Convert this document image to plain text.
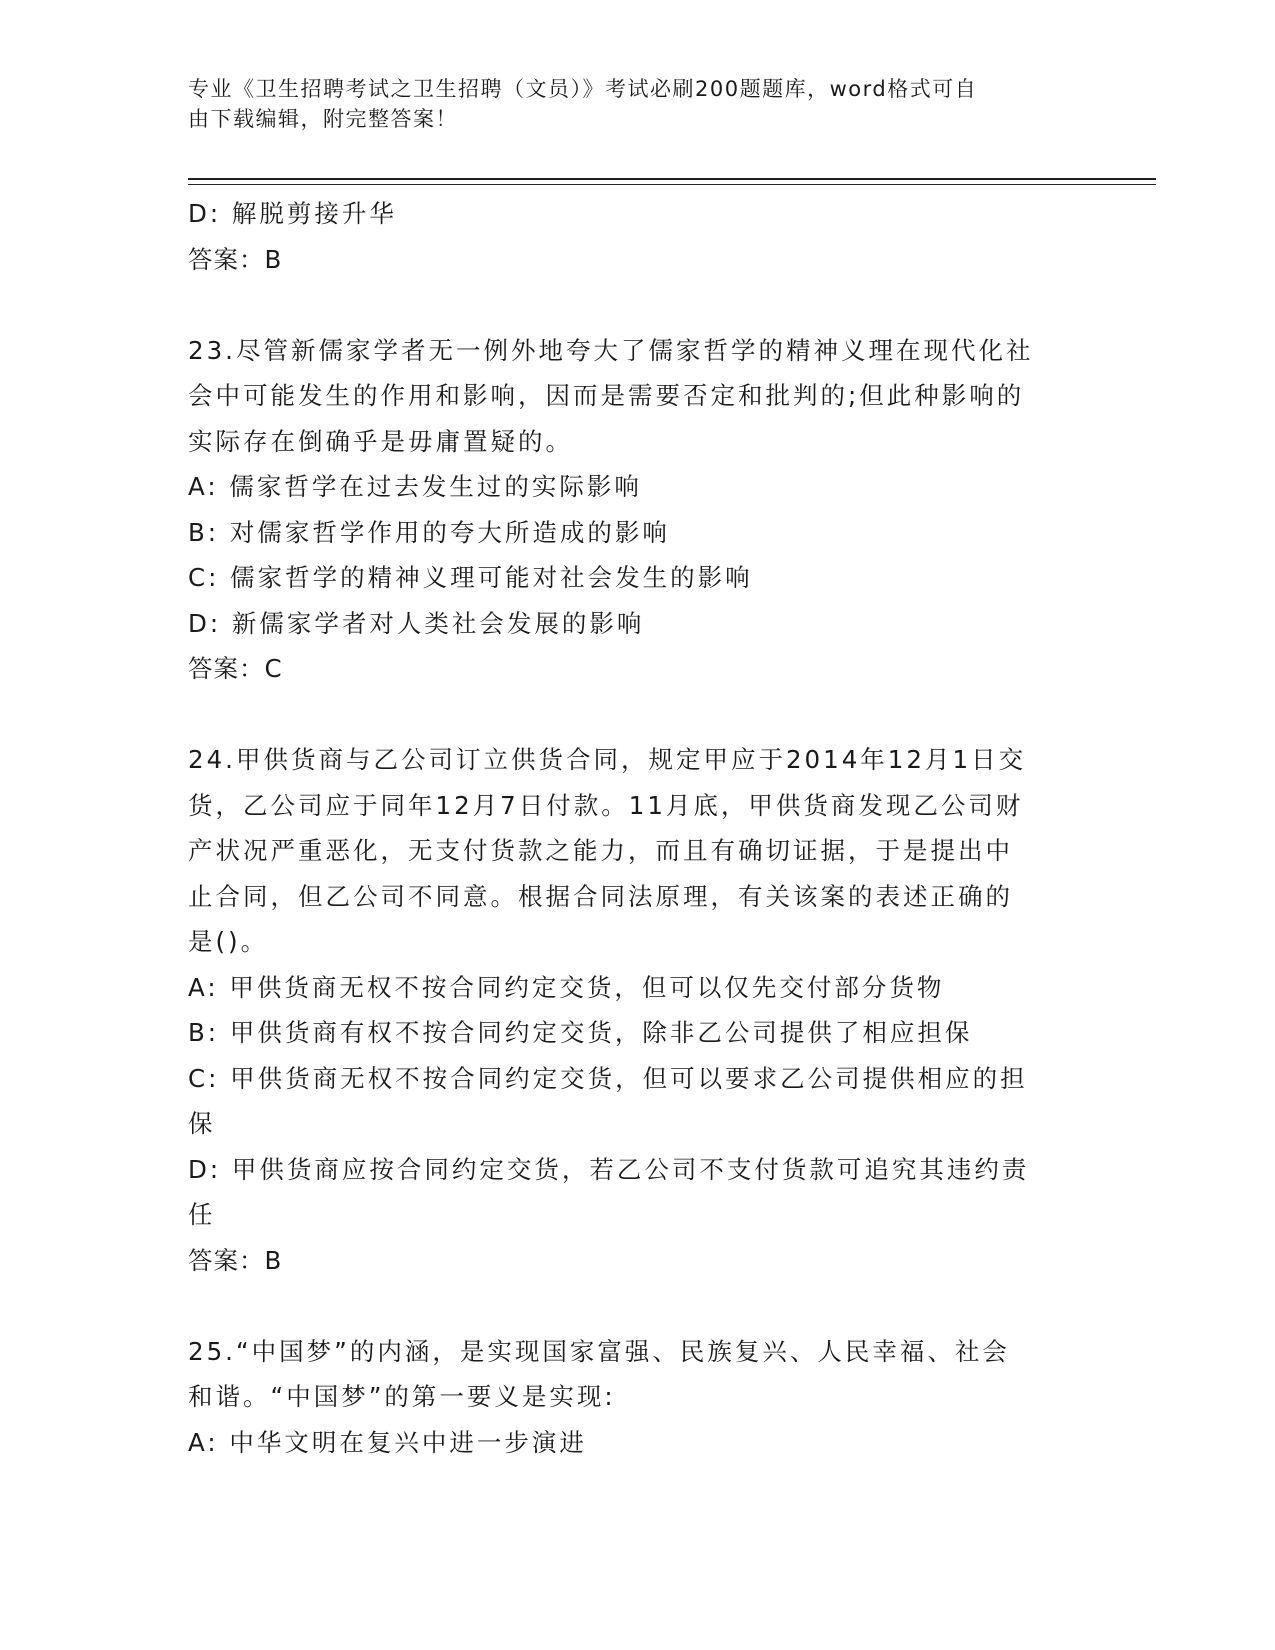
专业《卫生招聘考试之卫生招聘（文员）》考试必刷200题题库，word格式可自
由下载编辑，附完整答案！
D: 解脱剪接升华
答案：B
23.尽管新儒家学者无一例外地夸大了儒家哲学的精神义理在现代化社
会中可能发生的作用和影响，因而是需要否定和批判的;但此种影响的
实际存在倒确乎是毋庸置疑的。
A: 儒家哲学在过去发生过的实际影响
B: 对儒家哲学作用的夸大所造成的影响
C: 儒家哲学的精神义理可能对社会发生的影响
D: 新儒家学者对人类社会发展的影响
答案：C
24.甲供货商与乙公司订立供货合同，规定甲应于2014年12月1日交
货，乙公司应于同年12月7日付款。11月底，甲供货商发现乙公司财
产状况严重恶化，无支付货款之能力，而且有确切证据，于是提出中
止合同，但乙公司不同意。根据合同法原理，有关该案的表述正确的
是()。
A: 甲供货商无权不按合同约定交货，但可以仅先交付部分货物
B: 甲供货商有权不按合同约定交货，除非乙公司提供了相应担保
C: 甲供货商无权不按合同约定交货，但可以要求乙公司提供相应的担
保
D: 甲供货商应按合同约定交货，若乙公司不支付货款可追究其违约责
任
答案：B
25.“中国梦”的内涵，是实现国家富强、民族复兴、人民幸福、社会
和谐。“中国梦”的第一要义是实现:
A: 中华文明在复兴中进一步演进
